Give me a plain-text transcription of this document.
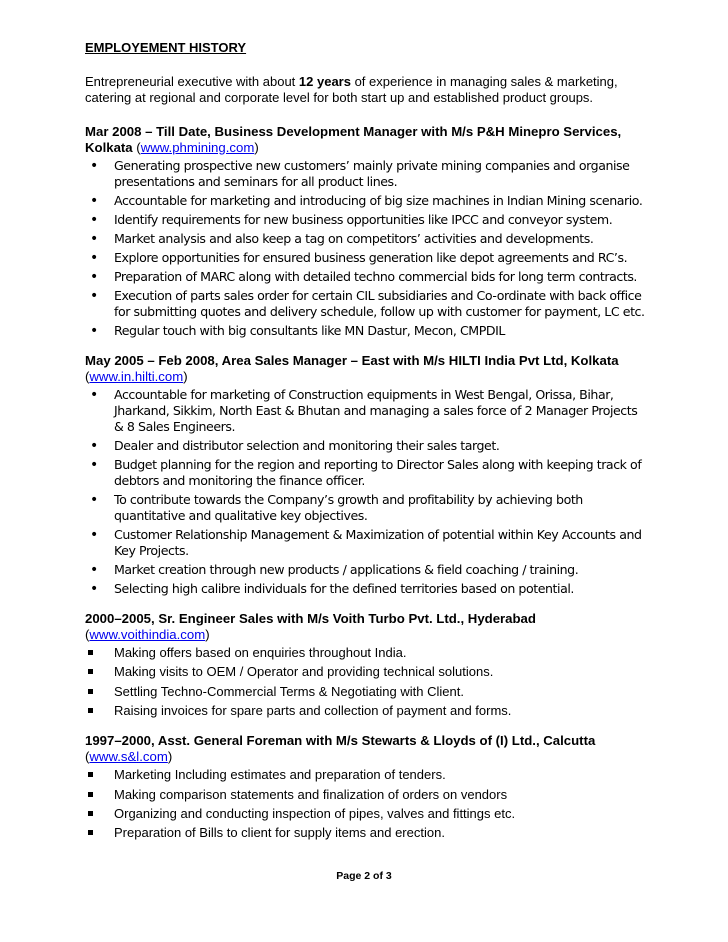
EMPLOYEMENT HISTORY

Entrepreneurial executive with about 12 years of experience in managing sales & marketing, catering at regional and corporate level for both start up and established product groups.

Mar 2008 – Till Date, Business Development Manager with M/s P&H Minepro Services, Kolkata (www.phmining.com)
• Generating prospective new customers’ mainly private mining companies and organise presentations and seminars for all product lines.
• Accountable for marketing and introducing of big size machines in Indian Mining scenario.
• Identify requirements for new business opportunities like IPCC and conveyor system.
• Market analysis and also keep a tag on competitors’ activities and developments.
• Explore opportunities for ensured business generation like depot agreements and RC’s.
• Preparation of MARC along with detailed techno commercial bids for long term contracts.
• Execution of parts sales order for certain CIL subsidiaries and Co-ordinate with back office for submitting quotes and delivery schedule, follow up with customer for payment, LC etc.
• Regular touch with big consultants like MN Dastur, Mecon, CMPDIL
May 2005 – Feb 2008, Area Sales Manager – East with M/s HILTI India Pvt Ltd, Kolkata (www.in.hilti.com)
• Accountable for marketing of Construction equipments in West Bengal, Orissa, Bihar, Jharkand, Sikkim, North East & Bhutan and managing a sales force of 2 Manager Projects & 8 Sales Engineers.
• Dealer and distributor selection and monitoring their sales target.
• Budget planning for the region and reporting to Director Sales along with keeping track of debtors and monitoring the finance officer.
• To contribute towards the Company’s growth and profitability by achieving both quantitative and qualitative key objectives.
• Customer Relationship Management & Maximization of potential within Key Accounts and Key Projects.
• Market creation through new products / applications & field coaching / training.
• Selecting high calibre individuals for the defined territories based on potential.
2000–2005, Sr. Engineer Sales with M/s Voith Turbo Pvt. Ltd., Hyderabad
(www.voithindia.com)
Making offers based on enquiries throughout India.
Making visits to OEM / Operator and providing technical solutions.
Settling Techno-Commercial Terms & Negotiating with Client.
Raising invoices for spare parts and collection of payment and forms.
1997–2000, Asst. General Foreman with M/s Stewarts & Lloyds of (I) Ltd., Calcutta
(www.s&l.com)
Marketing Including estimates and preparation of tenders.
Making comparison statements and finalization of orders on vendors
Organizing and conducting inspection of pipes, valves and fittings etc.
Preparation of Bills to client for supply items and erection.
Page 2 of 3
